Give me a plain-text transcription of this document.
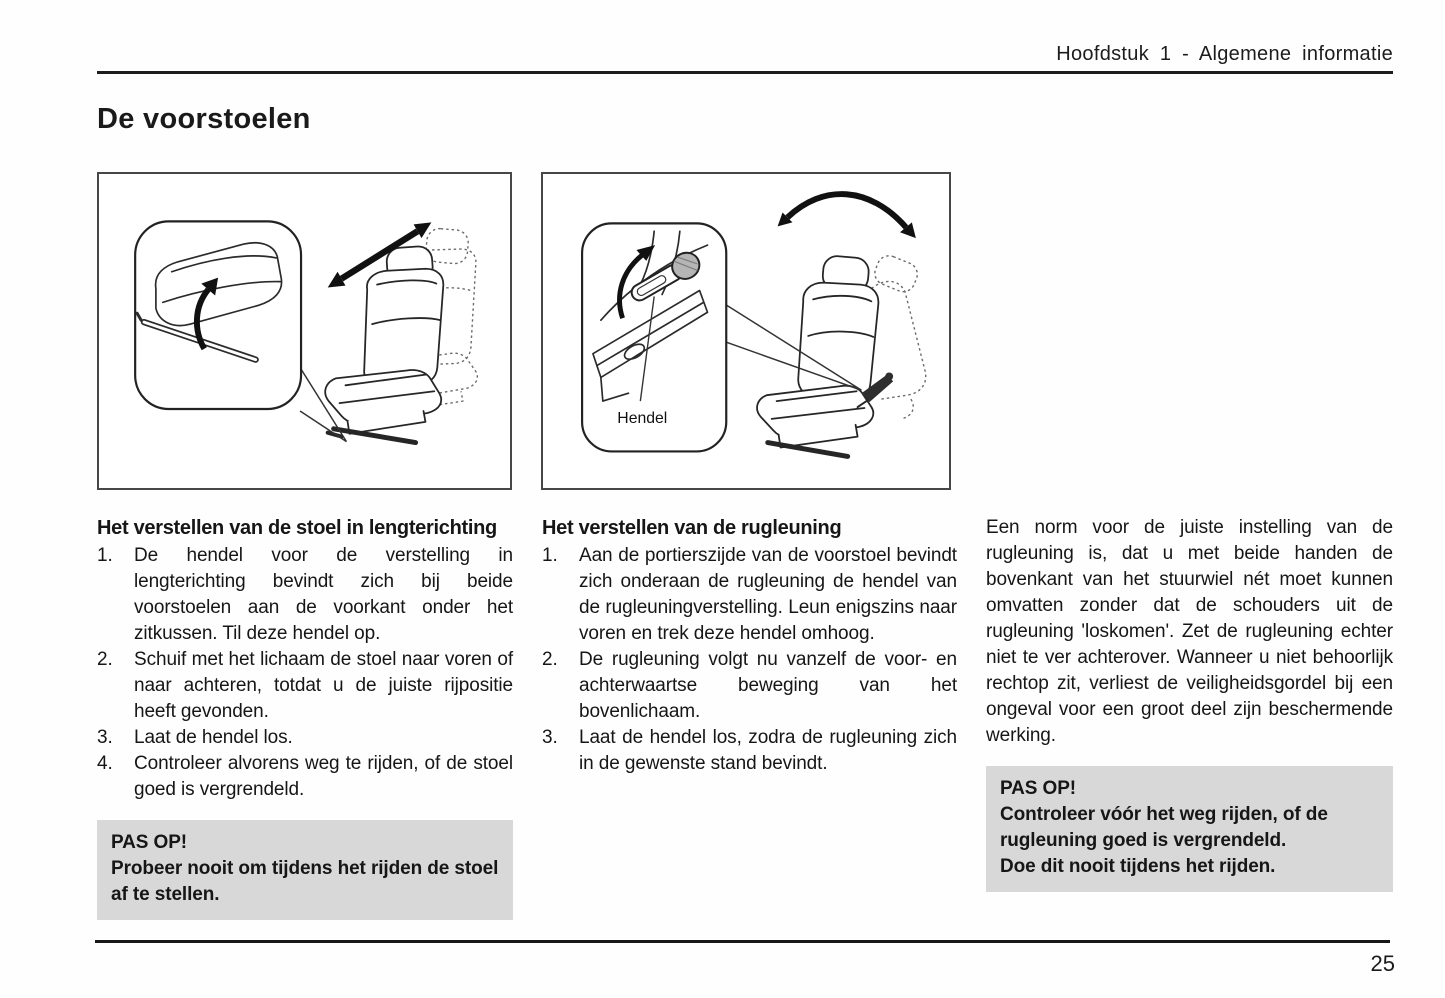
Hoofdstuk 1 - Algemene informatie
De voorstoelen
Hendel
Het verstellen van de stoel in lengterichting
1.	De hendel voor de verstelling in lengterichting bevindt zich bij beide voorstoelen aan de voorkant onder het zitkussen. Til deze hendel op.
2.	Schuif met het lichaam de stoel naar voren of naar achteren, totdat u de juiste rijpositie heeft gevonden.
3.	Laat de hendel los.
4.	Controleer alvorens weg te rijden, of de stoel goed is vergrendeld.
PAS OP!
Probeer nooit om tijdens het rijden de stoel af te stellen.
Het verstellen van de rugleuning
1.	Aan de portierszijde van de voorstoel bevindt zich onderaan de rugleuning de hendel van de rugleuningverstelling. Leun enigszins naar voren en trek deze hendel omhoog.
2.	De rugleuning volgt nu vanzelf de voor- en achterwaartse beweging van het bovenlichaam.
3.	Laat de hendel los, zodra de rugleuning zich in de gewenste stand bevindt.
Een norm voor de juiste instelling van de rugleuning is, dat u met beide handen de bovenkant van het stuurwiel nét moet kunnen omvatten zonder dat de schouders uit de rugleuning 'loskomen'. Zet de rugleuning echter niet te ver achterover. Wanneer u niet behoorlijk rechtop zit, verliest de veiligheidsgordel bij een ongeval voor een groot deel zijn beschermende werking.
PAS OP!
Controleer vóór het weg rijden, of de rugleuning goed is vergrendeld.
Doe dit nooit tijdens het rijden.
25
